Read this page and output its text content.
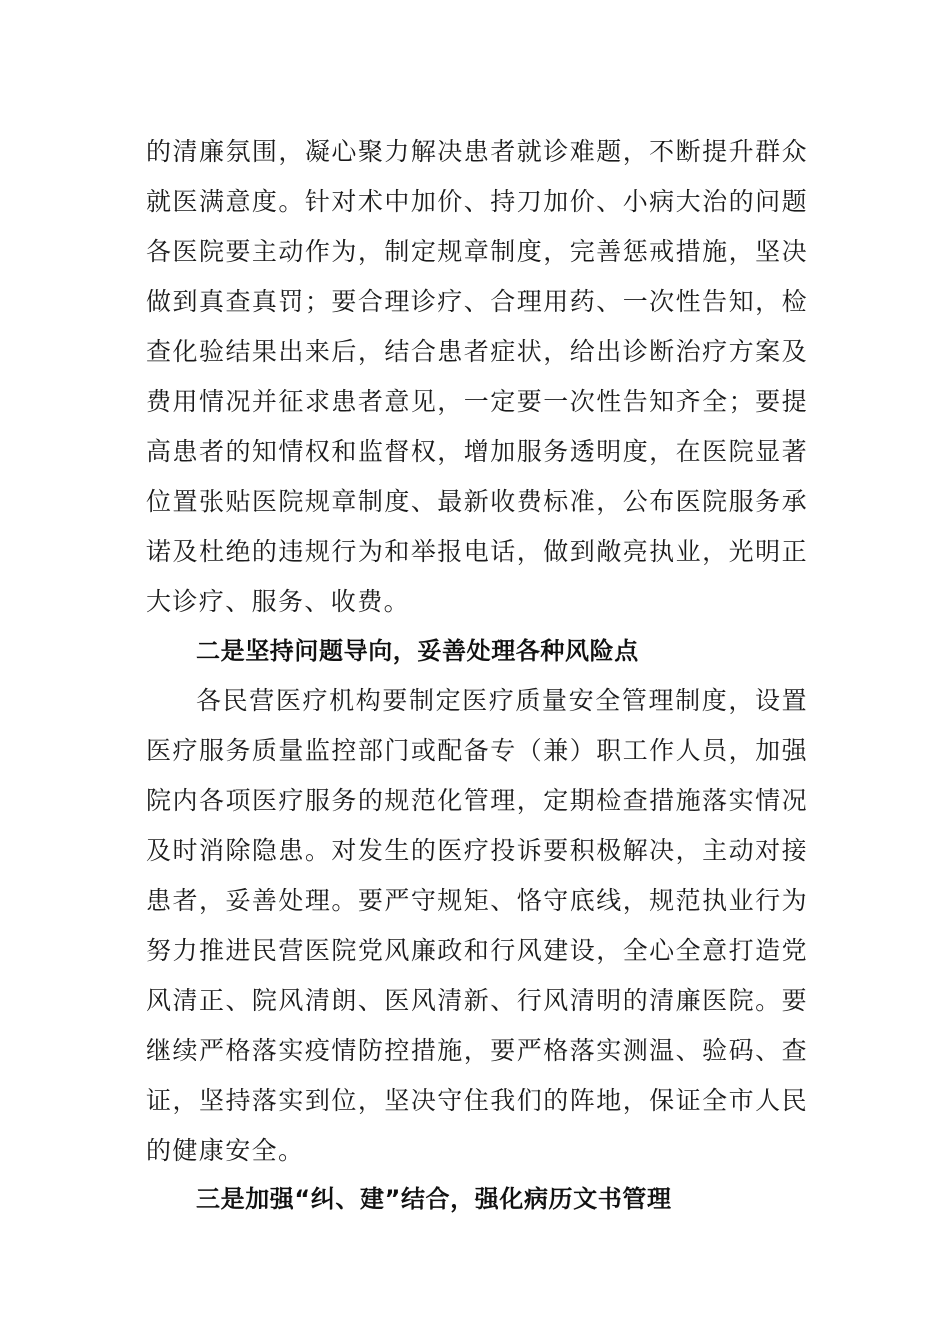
的清廉氛围，凝心聚力解决患者就诊难题，不断提升群众

就医满意度。针对术中加价、持刀加价、小病大治的问题

各医院要主动作为，制定规章制度，完善惩戒措施，坚决

做到真查真罚；要合理诊疗、合理用药、一次性告知，检

查化验结果出来后，结合患者症状，给出诊断治疗方案及

费用情况并征求患者意见，一定要一次性告知齐全；要提

高患者的知情权和监督权，增加服务透明度，在医院显著

位置张贴医院规章制度、最新收费标准，公布医院服务承

诺及杜绝的违规行为和举报电话，做到敞亮执业，光明正

大诊疗、服务、收费。

二是坚持问题导向，妥善处理各种风险点

各民营医疗机构要制定医疗质量安全管理制度，设置

医疗服务质量监控部门或配备专（兼）职工作人员，加强

院内各项医疗服务的规范化管理，定期检查措施落实情况

及时消除隐患。对发生的医疗投诉要积极解决，主动对接

患者，妥善处理。要严守规矩、恪守底线，规范执业行为

努力推进民营医院党风廉政和行风建设，全心全意打造党

风清正、院风清朗、医风清新、行风清明的清廉医院。要

继续严格落实疫情防控措施，要严格落实测温、验码、查

证，坚持落实到位，坚决守住我们的阵地，保证全市人民

的健康安全。

三是加强“纠、建”结合，强化病历文书管理
